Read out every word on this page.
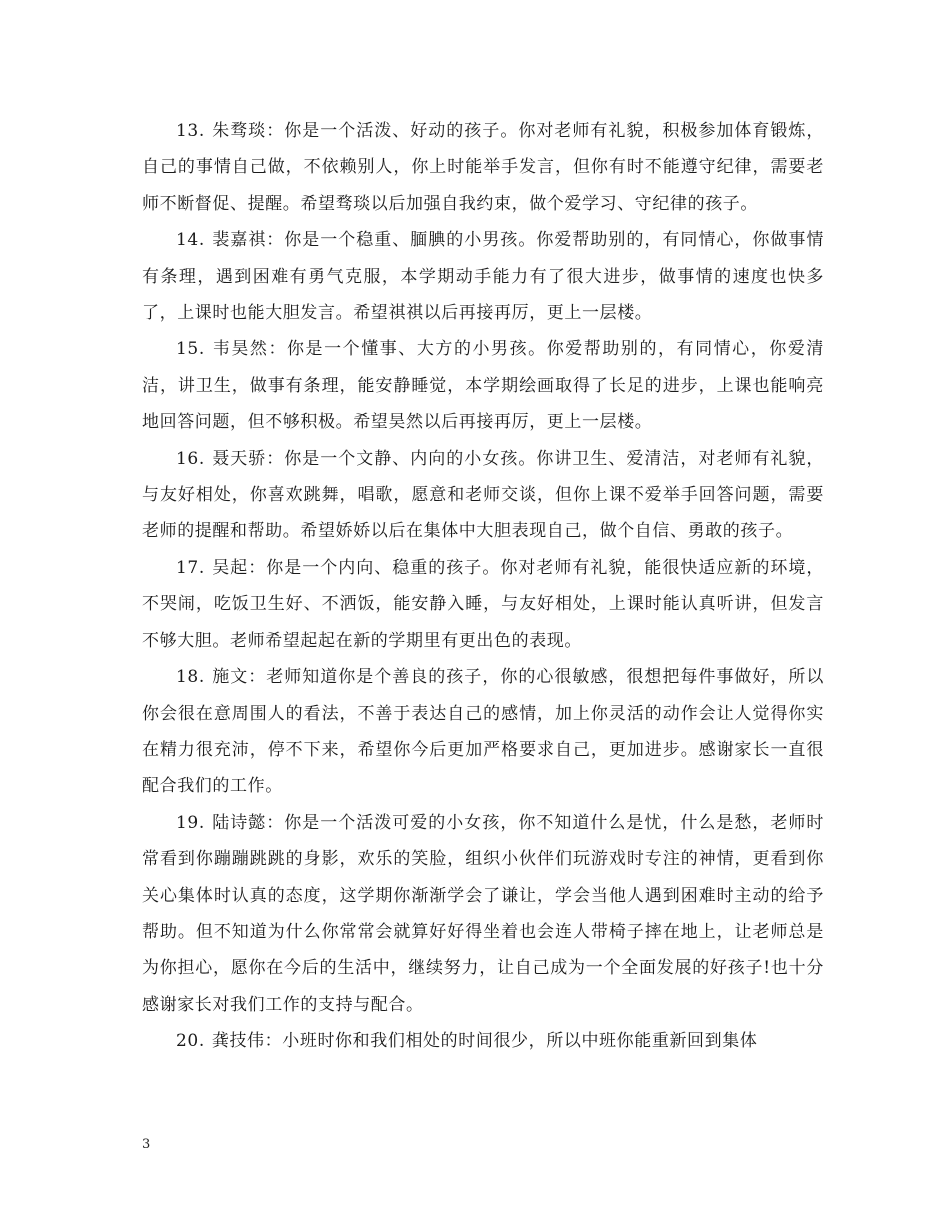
13. 朱骛琰：你是一个活泼、好动的孩子。你对老师有礼貌，积极参加体育锻炼，自己的事情自己做，不依赖别人，你上时能举手发言，但你有时不能遵守纪律，需要老师不断督促、提醒。希望骛琰以后加强自我约束，做个爱学习、守纪律的孩子。

14. 裴嘉祺：你是一个稳重、腼腆的小男孩。你爱帮助别的，有同情心，你做事情有条理，遇到困难有勇气克服，本学期动手能力有了很大进步，做事情的速度也快多了，上课时也能大胆发言。希望祺祺以后再接再厉，更上一层楼。

15. 韦昊然：你是一个懂事、大方的小男孩。你爱帮助别的，有同情心，你爱清洁，讲卫生，做事有条理，能安静睡觉，本学期绘画取得了长足的进步，上课也能响亮地回答问题，但不够积极。希望昊然以后再接再厉，更上一层楼。

16. 聂天骄：你是一个文静、内向的小女孩。你讲卫生、爱清洁，对老师有礼貌，与友好相处，你喜欢跳舞，唱歌，愿意和老师交谈，但你上课不爱举手回答问题，需要老师的提醒和帮助。希望娇娇以后在集体中大胆表现自己，做个自信、勇敢的孩子。

17. 吴起：你是一个内向、稳重的孩子。你对老师有礼貌，能很快适应新的环境，不哭闹，吃饭卫生好、不洒饭，能安静入睡，与友好相处，上课时能认真听讲，但发言不够大胆。老师希望起起在新的学期里有更出色的表现。

18. 施文：老师知道你是个善良的孩子，你的心很敏感，很想把每件事做好，所以你会很在意周围人的看法，不善于表达自己的感情，加上你灵活的动作会让人觉得你实在精力很充沛，停不下来，希望你今后更加严格要求自己，更加进步。感谢家长一直很配合我们的工作。

19. 陆诗懿：你是一个活泼可爱的小女孩，你不知道什么是忧，什么是愁，老师时常看到你蹦蹦跳跳的身影，欢乐的笑脸，组织小伙伴们玩游戏时专注的神情，更看到你关心集体时认真的态度，这学期你渐渐学会了谦让，学会当他人遇到困难时主动的给予帮助。但不知道为什么你常常会就算好好得坐着也会连人带椅子摔在地上，让老师总是为你担心，愿你在今后的生活中，继续努力，让自己成为一个全面发展的好孩子!也十分感谢家长对我们工作的支持与配合。

20. 龚技伟：小班时你和我们相处的时间很少，所以中班你能重新回到集体

3
